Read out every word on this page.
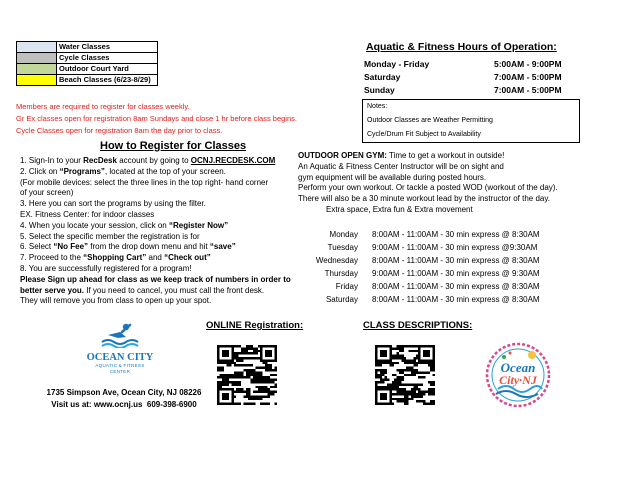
	Water Classes
	Cycle Classes
	Outdoor Court Yard
	Beach Classes (6/23-8/29)
Members are required to register for classes weekly.
Gr Ex classes open for registration 8am Sundays and close 1 hr before class begins.
Cycle Classes open for registration 8am the day prior to class.
How to Register for Classes
1. Sign-In to your RecDesk account by going to OCNJ.RECDESK.COM
2. Click on “Programs”, located at the top of your screen.
(For mobile devices: select the three lines in the top right- hand corner
of your screen)
3. Here you can sort the programs by using the filter.
EX. Fitness Center: for indoor classes
4. When you locate your session, click on “Register Now”
5. Select the specific member the registration is for
6. Select “No Fee” from the drop down menu and hit “save”
7. Proceed to the “Shopping Cart” and “Check out”
8. You are successfully registered for a program!
Please Sign up ahead for class as we keep track of numbers in order to
better serve you. If you need to cancel, you must call the front desk.
They will remove you from class to open up your spot.
Aquatic & Fitness Hours of Operation:
Monday - Friday	5:00AM - 9:00PM
Saturday	7:00AM - 5:00PM
Sunday	7:00AM - 5:00PM
Notes:
Outdoor Classes are Weather Permitting
Cycle/Drum Fit Subject to Availability
OUTDOOR OPEN GYM: Time to get a workout in outside!
An Aquatic & Fitness Center Instructor will be on sight and
gym equipment will be available during posted hours.
Perform your own workout. Or tackle a posted WOD (workout of the day).
There will also be a 30 minute workout lead by the instructor of the day.
Extra space, Extra fun & Extra movement
Monday 8:00AM - 11:00AM - 30 min express @ 8:30AM
Tuesday 9:00AM - 11:00AM - 30 min express @9:30AM
Wednesday 8:00AM - 11:00AM - 30 min express @ 8:30AM
Thursday 9:00AM - 11:00AM - 30 min express @ 9:30AM
Friday 8:00AM - 11:00AM - 30 min express @ 8:30AM
Saturday 8:00AM - 11:00AM - 30 min express @ 8:30AM
ONLINE Registration:	CLASS DESCRIPTIONS:
OCEAN CITY
AQUATIC & FITNESS
CENTER
1735 Simpson Ave, Ocean City, NJ 08226
Visit us at: www.ocnj.us 609-398-6900
Ocean
City·NJ
